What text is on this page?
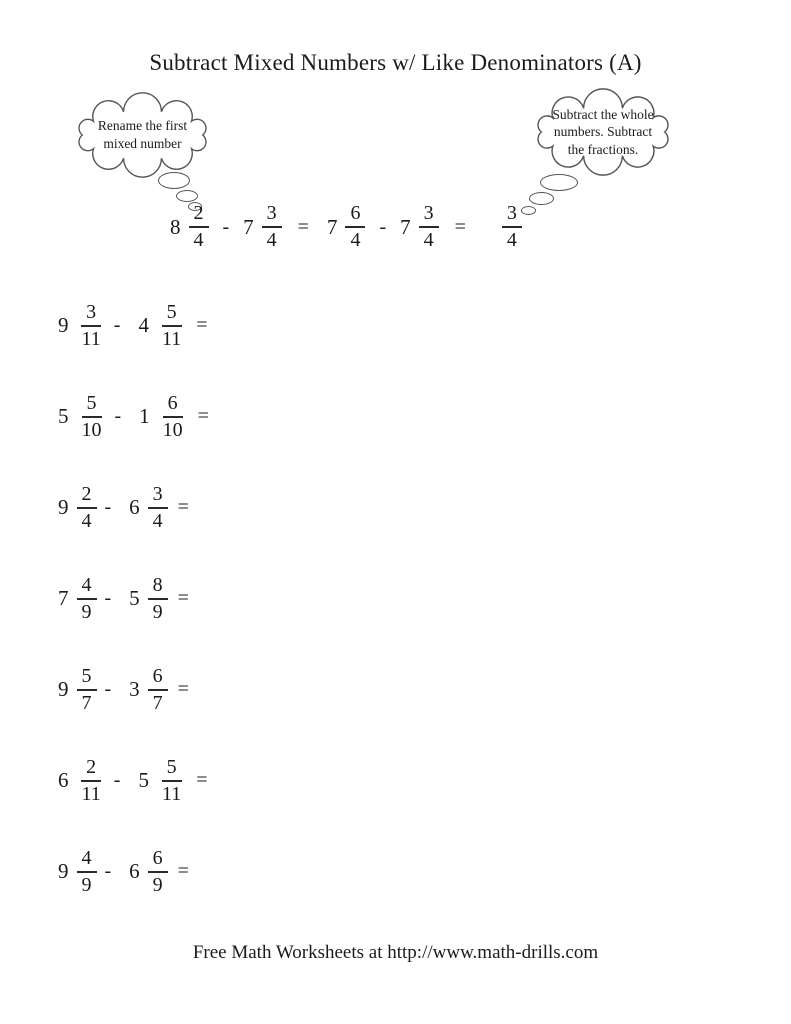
Subtract Mixed Numbers w/ Like Denominators (A)
Rename the first
mixed number
Subtract the whole
numbers. Subtract
the fractions.
$8 \frac{2}{4} - 7 \frac{3}{4} = 7 \frac{6}{4} - 7 \frac{3}{4} = \frac{3}{4}$
$9 \frac{3}{11} - 4 \frac{5}{11}$ =
$5 \frac{5}{10} - 1 \frac{6}{10}$ =
$9 \frac{2}{4} - 6 \frac{3}{4}$ =
$7 \frac{4}{9} - 5 \frac{8}{9}$ =
$9 \frac{5}{7} - 3 \frac{6}{7}$ =
$6 \frac{2}{11} - 5 \frac{5}{11}$ =
$9 \frac{4}{9} - 6 \frac{6}{9}$ =
Free Math Worksheets at http://www.math-drills.com
